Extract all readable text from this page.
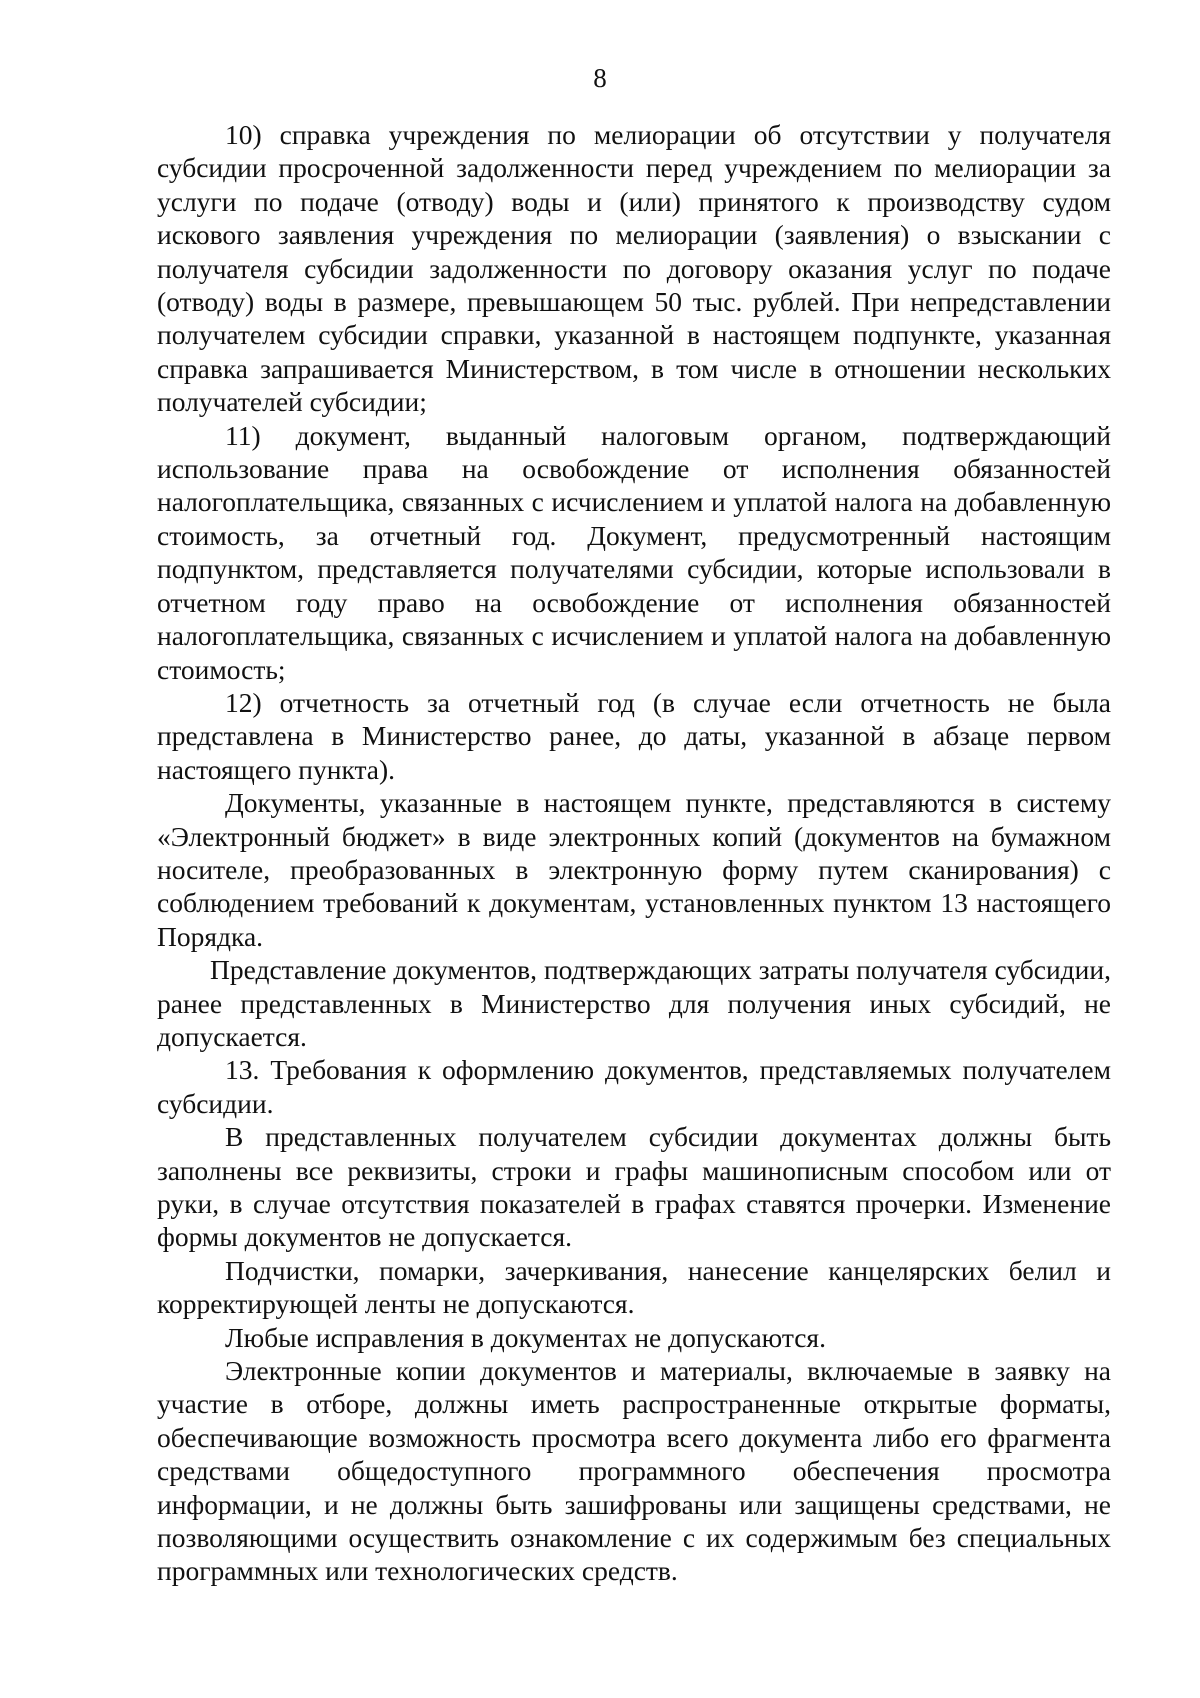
8

10) справка учреждения по мелиорации об отсутствии у получателя субсидии просроченной задолженности перед учреждением по мелиорации за услуги по подаче (отводу) воды и (или) принятого к производству судом искового заявления учреждения по мелиорации (заявления) о взыскании с получателя субсидии задолженности по договору оказания услуг по подаче (отводу) воды в размере, превышающем 50 тыс. рублей. При непредставлении получателем субсидии справки, указанной в настоящем подпункте, указанная справка запрашивается Министерством, в том числе в отношении нескольких получателей субсидии;

11) документ, выданный налоговым органом, подтверждающий использование права на освобождение от исполнения обязанностей налогоплательщика, связанных с исчислением и уплатой налога на добавленную стоимость, за отчетный год. Документ, предусмотренный настоящим подпунктом, представляется получателями субсидии, которые использовали в отчетном году право на освобождение от исполнения обязанностей налогоплательщика, связанных с исчислением и уплатой налога на добавленную стоимость;

12) отчетность за отчетный год (в случае если отчетность не была представлена в Министерство ранее, до даты, указанной в абзаце первом настоящего пункта).

Документы, указанные в настоящем пункте, представляются в систему «Электронный бюджет» в виде электронных копий (документов на бумажном носителе, преобразованных в электронную форму путем сканирования) с соблюдением требований к документам, установленных пунктом 13 настоящего Порядка.

Представление документов, подтверждающих затраты получателя субсидии, ранее представленных в Министерство для получения иных субсидий, не допускается.

13. Требования к оформлению документов, представляемых получателем субсидии.

В представленных получателем субсидии документах должны быть заполнены все реквизиты, строки и графы машинописным способом или от руки, в случае отсутствия показателей в графах ставятся прочерки. Изменение формы документов не допускается.

Подчистки, помарки, зачеркивания, нанесение канцелярских белил и корректирующей ленты не допускаются.

Любые исправления в документах не допускаются.

Электронные копии документов и материалы, включаемые в заявку на участие в отборе, должны иметь распространенные открытые форматы, обеспечивающие возможность просмотра всего документа либо его фрагмента средствами общедоступного программного обеспечения просмотра информации, и не должны быть зашифрованы или защищены средствами, не позволяющими осуществить ознакомление с их содержимым без специальных программных или технологических средств.
